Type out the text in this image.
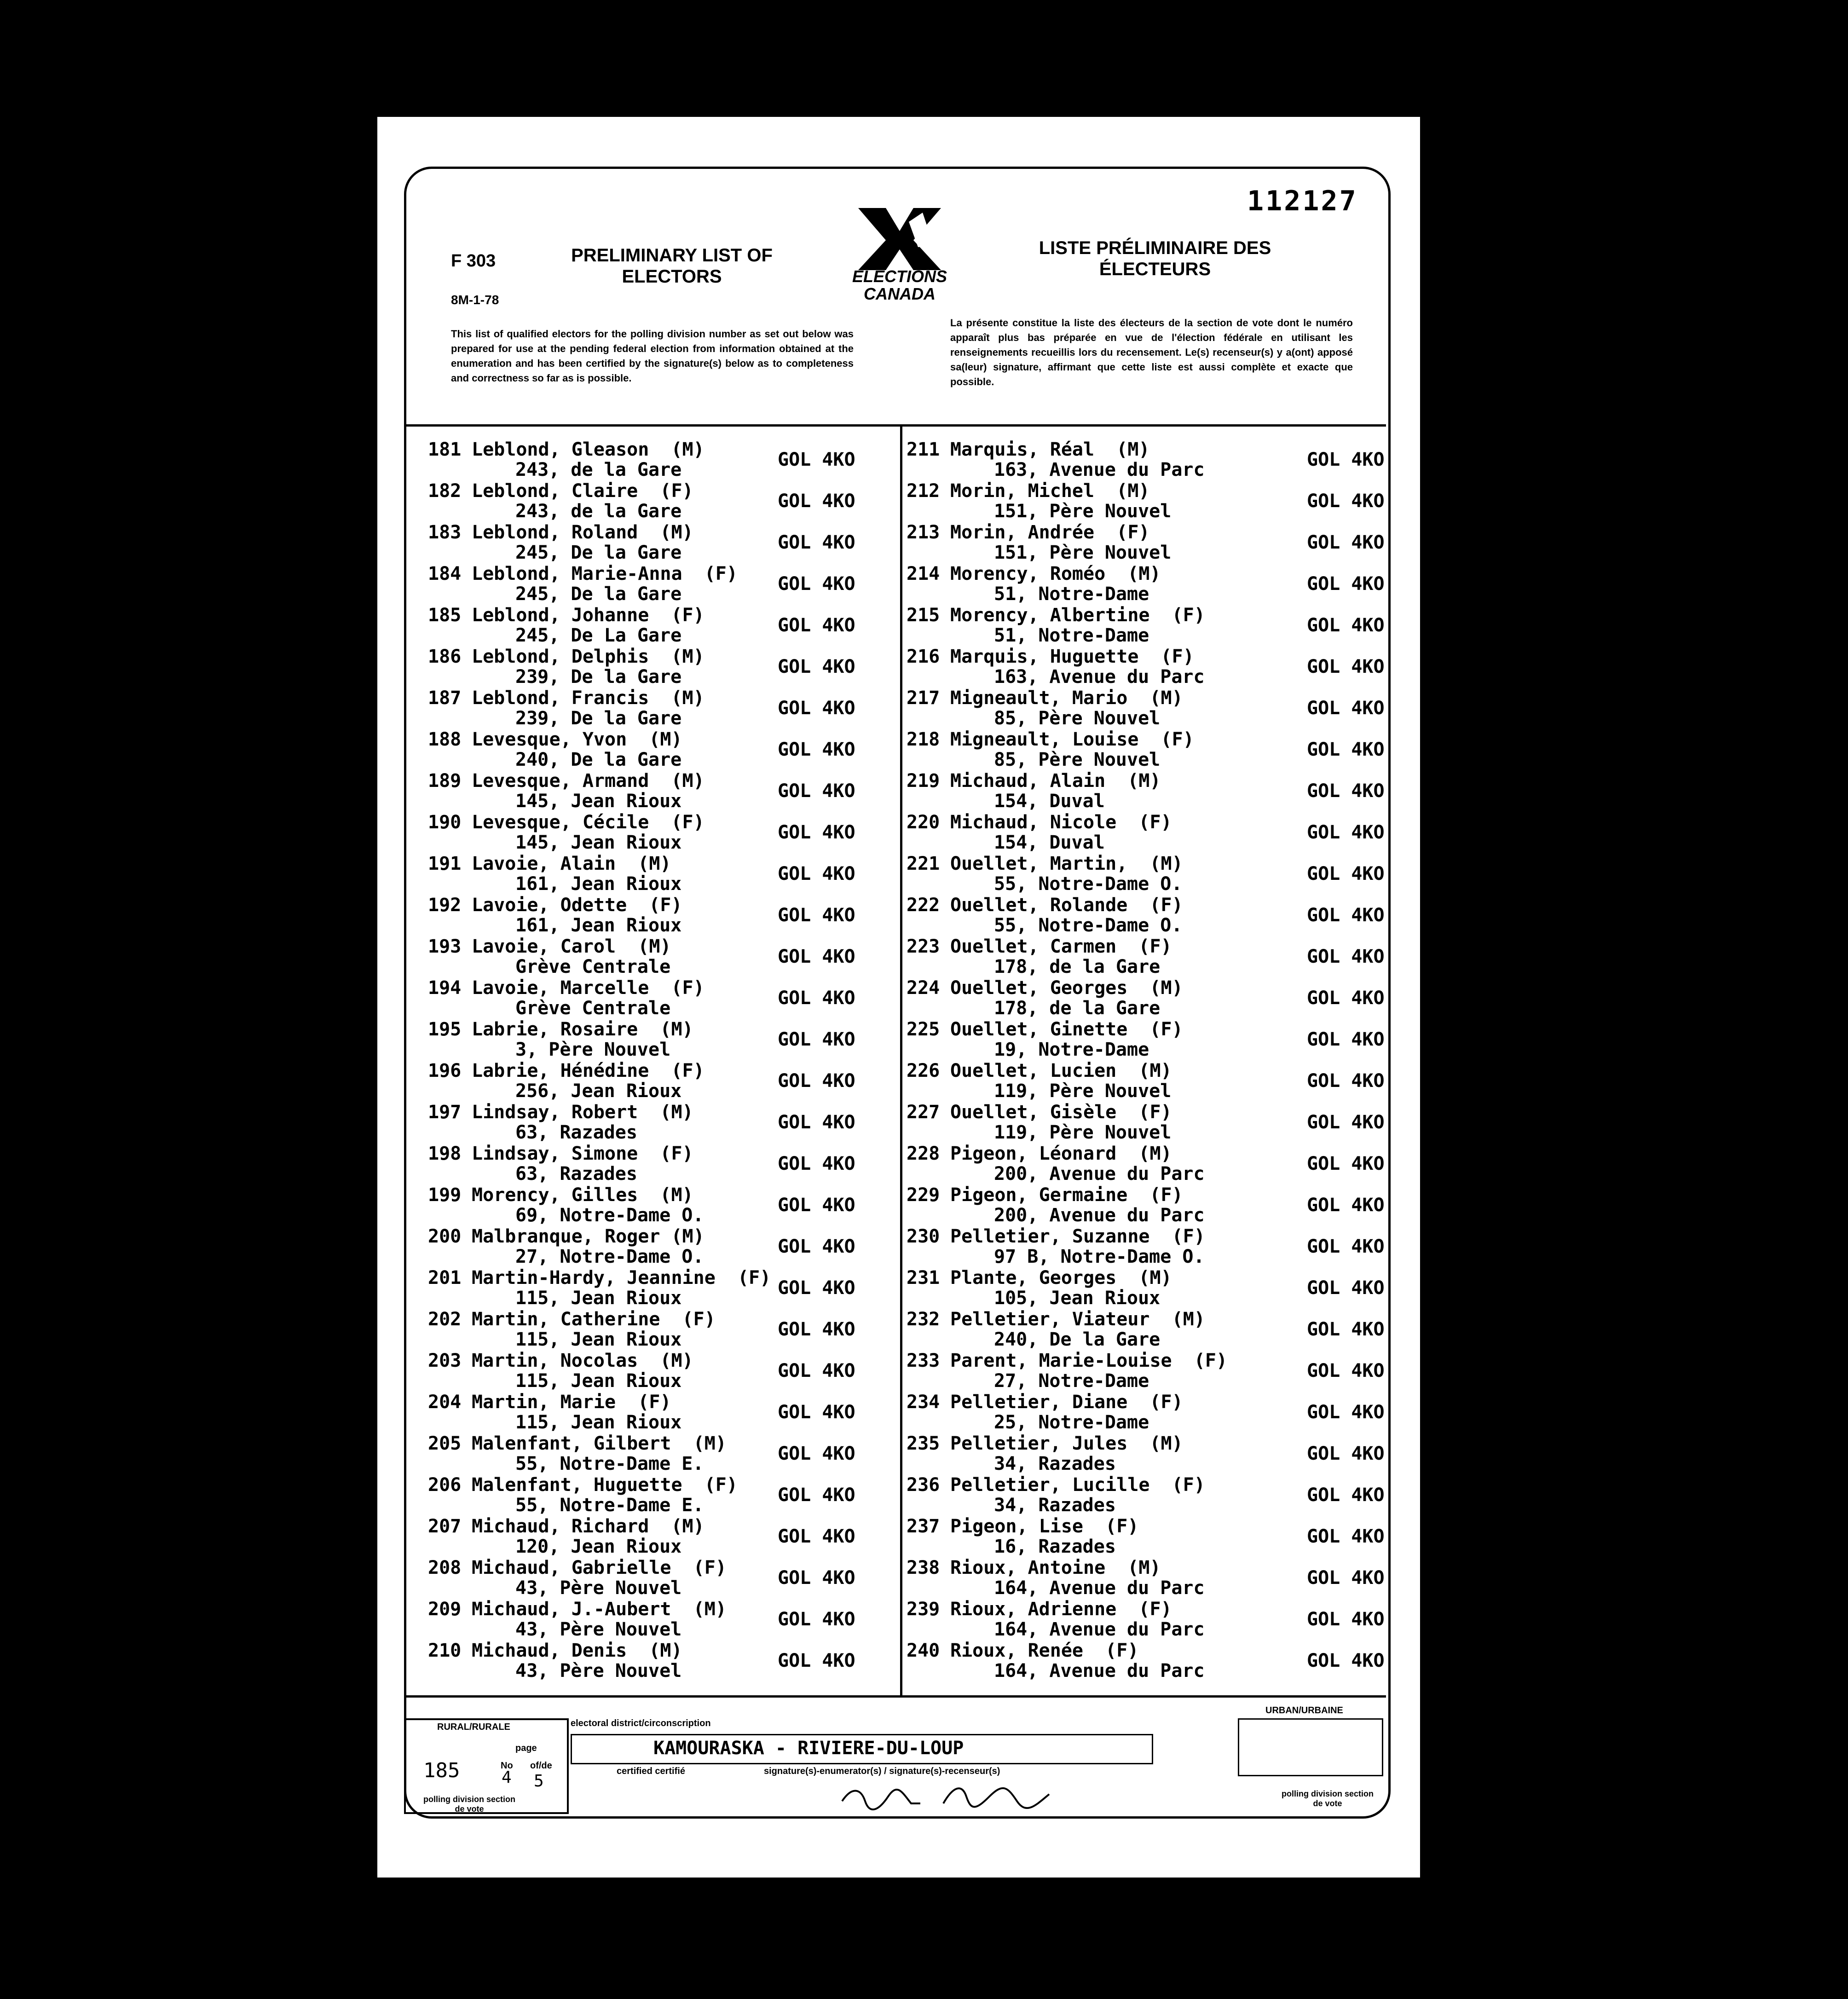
112127
F 303
8M-1-78
PRELIMINARY LIST OF ELECTORS
LISTE PRÉLIMINAIRE DES ÉLECTEURS
ELECTIONS CANADA
This list of qualified electors for the polling division number as set out below was prepared for use at the pending federal election from information obtained at the enumeration and has been certified by the signature(s) below as to completeness and correctness so far as is possible.
La présente constitue la liste des électeurs de la section de vote dont le numéro apparaît plus bas préparée en vue de l'élection fédérale en utilisant les renseignements recueillis lors du recensement. Le(s) recenseur(s) y a(ont) apposé sa(leur) signature, affirmant que cette liste est aussi complète et exacte que possible.
181 Leblond, Gleason  (M)
243, de la Gare	GOL 4KO
182 Leblond, Claire  (F)
243, de la Gare	GOL 4KO
183 Leblond, Roland  (M)
245, De la Gare	GOL 4KO
184 Leblond, Marie-Anna  (F)
245, De la Gare	GOL 4KO
185 Leblond, Johanne  (F)
245, De La Gare	GOL 4KO
186 Leblond, Delphis  (M)
239, De la Gare	GOL 4KO
187 Leblond, Francis  (M)
239, De la Gare	GOL 4KO
188 Levesque, Yvon  (M)
240, De la Gare	GOL 4KO
189 Levesque, Armand  (M)
145, Jean Rioux	GOL 4KO
190 Levesque, Cécile  (F)
145, Jean Rioux	GOL 4KO
191 Lavoie, Alain  (M)
161, Jean Rioux	GOL 4KO
192 Lavoie, Odette  (F)
161, Jean Rioux	GOL 4KO
193 Lavoie, Carol  (M)
Grève Centrale	GOL 4KO
194 Lavoie, Marcelle  (F)
Grève Centrale	GOL 4KO
195 Labrie, Rosaire  (M)
3, Père Nouvel	GOL 4KO
196 Labrie, Hénédine  (F)
256, Jean Rioux	GOL 4KO
197 Lindsay, Robert  (M)
63, Razades	GOL 4KO
198 Lindsay, Simone  (F)
63, Razades	GOL 4KO
199 Morency, Gilles  (M)
69, Notre-Dame O.	GOL 4KO
200 Malbranque, Roger (M)
27, Notre-Dame O.	GOL 4KO
201 Martin-Hardy, Jeannine  (F)
115, Jean Rioux	GOL 4KO
202 Martin, Catherine  (F)
115, Jean Rioux	GOL 4KO
203 Martin, Nocolas  (M)
115, Jean Rioux	GOL 4KO
204 Martin, Marie  (F)
115, Jean Rioux	GOL 4KO
205 Malenfant, Gilbert  (M)
55, Notre-Dame E.	GOL 4KO
206 Malenfant, Huguette  (F)
55, Notre-Dame E.	GOL 4KO
207 Michaud, Richard  (M)
120, Jean Rioux	GOL 4KO
208 Michaud, Gabrielle  (F)
43, Père Nouvel	GOL 4KO
209 Michaud, J.-Aubert  (M)
43, Père Nouvel	GOL 4KO
210 Michaud, Denis  (M)
43, Père Nouvel	GOL 4KO
211 Marquis, Réal  (M)
163, Avenue du Parc	GOL 4KO
212 Morin, Michel  (M)
151, Père Nouvel	GOL 4KO
213 Morin, Andrée  (F)
151, Père Nouvel	GOL 4KO
214 Morency, Roméo  (M)
51, Notre-Dame	GOL 4KO
215 Morency, Albertine  (F)
51, Notre-Dame	GOL 4KO
216 Marquis, Huguette  (F)
163, Avenue du Parc	GOL 4KO
217 Migneault, Mario  (M)
85, Père Nouvel	GOL 4KO
218 Migneault, Louise  (F)
85, Père Nouvel	GOL 4KO
219 Michaud, Alain  (M)
154, Duval	GOL 4KO
220 Michaud, Nicole  (F)
154, Duval	GOL 4KO
221 Ouellet, Martin,  (M)
55, Notre-Dame O.	GOL 4KO
222 Ouellet, Rolande  (F)
55, Notre-Dame O.	GOL 4KO
223 Ouellet, Carmen  (F)
178, de la Gare	GOL 4KO
224 Ouellet, Georges  (M)
178, de la Gare	GOL 4KO
225 Ouellet, Ginette  (F)
19, Notre-Dame	GOL 4KO
226 Ouellet, Lucien  (M)
119, Père Nouvel	GOL 4KO
227 Ouellet, Gisèle  (F)
119, Père Nouvel	GOL 4KO
228 Pigeon, Léonard  (M)
200, Avenue du Parc	GOL 4KO
229 Pigeon, Germaine  (F)
200, Avenue du Parc	GOL 4KO
230 Pelletier, Suzanne  (F)
97 B, Notre-Dame O.	GOL 4KO
231 Plante, Georges  (M)
105, Jean Rioux	GOL 4KO
232 Pelletier, Viateur  (M)
240, De la Gare	GOL 4KO
233 Parent, Marie-Louise  (F)
27, Notre-Dame	GOL 4KO
234 Pelletier, Diane  (F)
25, Notre-Dame	GOL 4KO
235 Pelletier, Jules  (M)
34, Razades	GOL 4KO
236 Pelletier, Lucille  (F)
34, Razades	GOL 4KO
237 Pigeon, Lise  (F)
16, Razades	GOL 4KO
238 Rioux, Antoine  (M)
164, Avenue du Parc	GOL 4KO
239 Rioux, Adrienne  (F)
164, Avenue du Parc	GOL 4KO
240 Rioux, Renée  (F)
164, Avenue du Parc	GOL 4KO
RURAL/RURALE
page
185	No
4
of/de
5
polling division section de vote
electoral district/circonscription
KAMOURASKA - RIVIERE-DU-LOUP
certified certifié	signature(s)-enumerator(s) / signature(s)-recenseur(s)
URBAN/URBAINE
polling division section de vote
